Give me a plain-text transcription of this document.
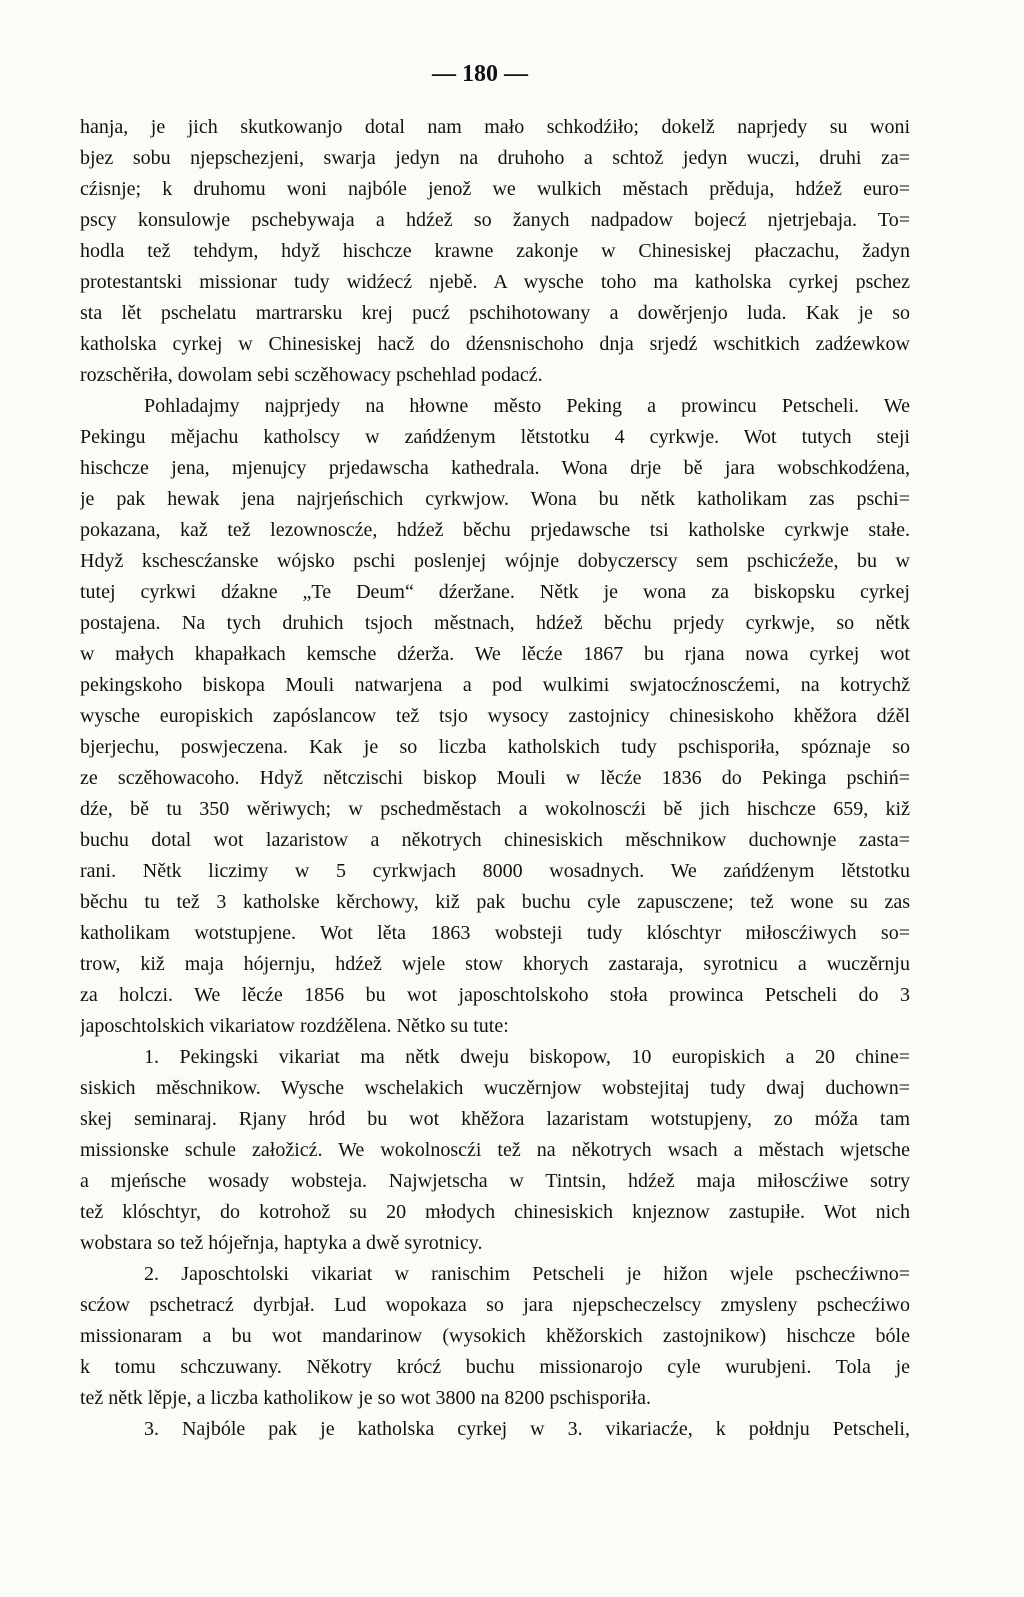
— 180 —
hanja, je jich skutkowanjo dotal nam mało schkodźiło; dokelž naprjedy su woni
bjez sobu njepschezjeni, swarja jedyn na druhoho a schtož jedyn wuczi, druhi za=
cźisnje; k druhomu woni najbóle jenož we wulkich městach prěduja, hdźež euro=
pscy konsulowje pschebywaja a hdźež so žanych nadpadow bojecź njetrjebaja. To=
hodla tež tehdym, hdyž hischcze krawne zakonje w Chinesiskej płaczachu, žadyn
protestantski missionar tudy widźecź njebě. A wysche toho ma katholska cyrkej pschez
sta lět pschelatu martrarsku krej pucź pschihotowany a dowěrjenjo luda. Kak je so
katholska cyrkej w Chinesiskej hacž do dźensnischoho dnja srjedź wschitkich zadźewkow
rozschěriła, dowolam sebi sczěhowacy pschehlad podacź.
Pohladajmy najprjedy na hłowne město Peking a prowincu Petscheli. We
Pekingu mějachu katholscy w zańdźenym lětstotku 4 cyrkwje. Wot tutych steji
hischcze jena, mjenujcy prjedawscha kathedrala. Wona drje bě jara wobschkodźena,
je pak hewak jena najrjeńschich cyrkwjow. Wona bu nětk katholikam zas pschi=
pokazana, kaž tež lezownoscźe, hdźež běchu prjedawsche tsi katholske cyrkwje stałe.
Hdyž kschescźanske wójsko pschi poslenjej wójnje dobyczerscy sem pschicźeže, bu w
tutej cyrkwi dźakne „Te Deum“ dźeržane. Nětk je wona za biskopsku cyrkej
postajena. Na tych druhich tsjoch městnach, hdźež běchu prjedy cyrkwje, so nětk
w małych khapałkach kemsche dźerža. We lěcźe 1867 bu rjana nowa cyrkej wot
pekingskoho biskopa Mouli natwarjena a pod wulkimi swjatocźnoscźemi, na kotrychž
wysche europiskich zapóslancow tež tsjo wysocy zastojnicy chinesiskoho khěžora dźěl
bjerjechu, poswjeczena. Kak je so liczba katholskich tudy pschisporiła, spóznaje so
ze sczěhowacoho. Hdyž nětczischi biskop Mouli w lěcźe 1836 do Pekinga pschiń=
dźe, bě tu 350 wěriwych; w pschedměstach a wokolnoscźi bě jich hischcze 659, kiž
buchu dotal wot lazaristow a někotrych chinesiskich měschnikow duchownje zasta=
rani. Nětk liczimy w 5 cyrkwjach 8000 wosadnych. We zańdźenym lětstotku
běchu tu tež 3 katholske kěrchowy, kiž pak buchu cyle zapusczene; tež wone su zas
katholikam wotstupjene. Wot lěta 1863 wobsteji tudy klóschtyr miłoscźiwych so=
trow, kiž maja hójernju, hdźež wjele stow khorych zastaraja, syrotnicu a wuczěrnju
za holczi. We lěcźe 1856 bu wot japoschtolskoho stoła prowinca Petscheli do 3
japoschtolskich vikariatow rozdźělena. Nětko su tute:
1. Pekingski vikariat ma nětk dweju biskopow, 10 europiskich a 20 chine=
siskich měschnikow. Wysche wschelakich wuczěrnjow wobstejitaj tudy dwaj duchown=
skej seminaraj. Rjany hród bu wot khěžora lazaristam wotstupjeny, zo móža tam
missionske schule załožicź. We wokolnoscźi tež na někotrych wsach a městach wjetsche
a mjeńsche wosady wobsteja. Najwjetscha w Tintsin, hdźež maja miłoscźiwe sotry
tež klóschtyr, do kotrohož su 20 młodych chinesiskich knjeznow zastupiłe. Wot nich
wobstara so tež hójeřnja, haptyka a dwě syrotnicy.
2. Japoschtolski vikariat w ranischim Petscheli je hižon wjele pschecźiwno=
scźow pschetracź dyrbjał. Lud wopokaza so jara njepscheczelscy zmysleny pschecźiwo
missionaram a bu wot mandarinow (wysokich khěžorskich zastojnikow) hischcze bóle
k tomu schczuwany. Někotry krócź buchu missionarojo cyle wurubjeni. Tola je
tež nětk lěpje, a liczba katholikow je so wot 3800 na 8200 pschisporiła.
3. Najbóle pak je katholska cyrkej w 3. vikariacźe, k połdnju Petscheli,
